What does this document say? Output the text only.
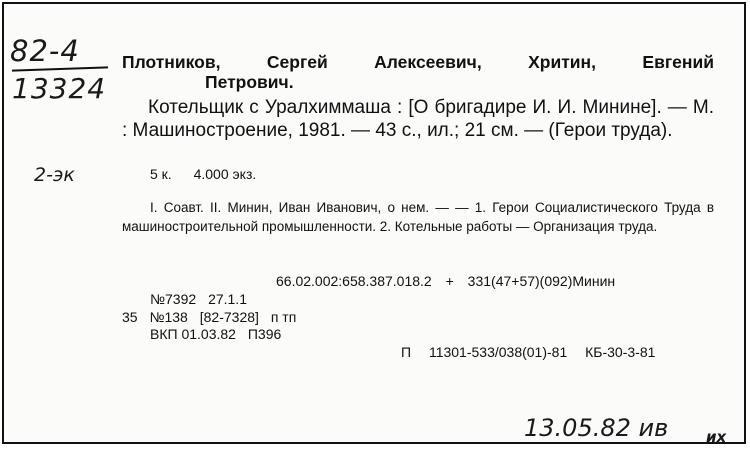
82-4
13324
2-эк
Плотников,	Сергей	Алексеевич,	Хритин,	Евгений
Петрович.
Котельщик с Уралхиммаша : [О бригадире И. И. Минине]. — М. : Машиностроение, 1981. — 43 с., ил.; 21 см. — (Герои труда).
5 к. 4.000 экз.
I. Соавт. II. Минин, Иван Иванович, о нем. — — 1. Герои Социалистического Труда в машиностроительной промышленности. 2. Котельные работы — Организация труда.
66.02.002:658.387.018.2 + 331(47+57)(092)Минин
№7392 27.1.1
35 №138 [82-7328] п тп
ВКП 01.03.82 П396
П 11301-533/038(01)-81 КБ-30-3-81
13.05.82 ив	их
